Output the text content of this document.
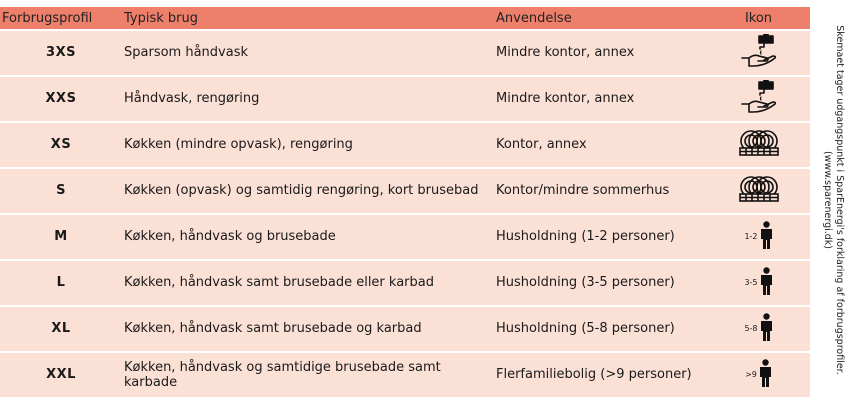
Forbrugsprofil	Typisk brug	Anvendelse	Ikon
3XS	Sparsom håndvask	Mindre kontor, annex
XXS	Håndvask, rengøring	Mindre kontor, annex
XS	Køkken (mindre opvask), rengøring	Kontor, annex
S	Køkken (opvask) og samtidig rengøring, kort brusebad	Kontor/mindre sommerhus
M	Køkken, håndvask og brusebade	Husholdning (1-2 personer)	1-2
L	Køkken, håndvask samt brusebade eller karbad	Husholdning (3-5 personer)	3-5
XL	Køkken, håndvask samt brusebade og karbad	Husholdning (5-8 personer)	5-8
XXL	Køkken, håndvask og samtidige brusebade samt karbade	Flerfamiliebolig (>9 personer)	>9
Skemaet tager udgangspunkt i SparEnergi's forklaring af forbrugsprofiler.
(www.sparenergi.dk)
